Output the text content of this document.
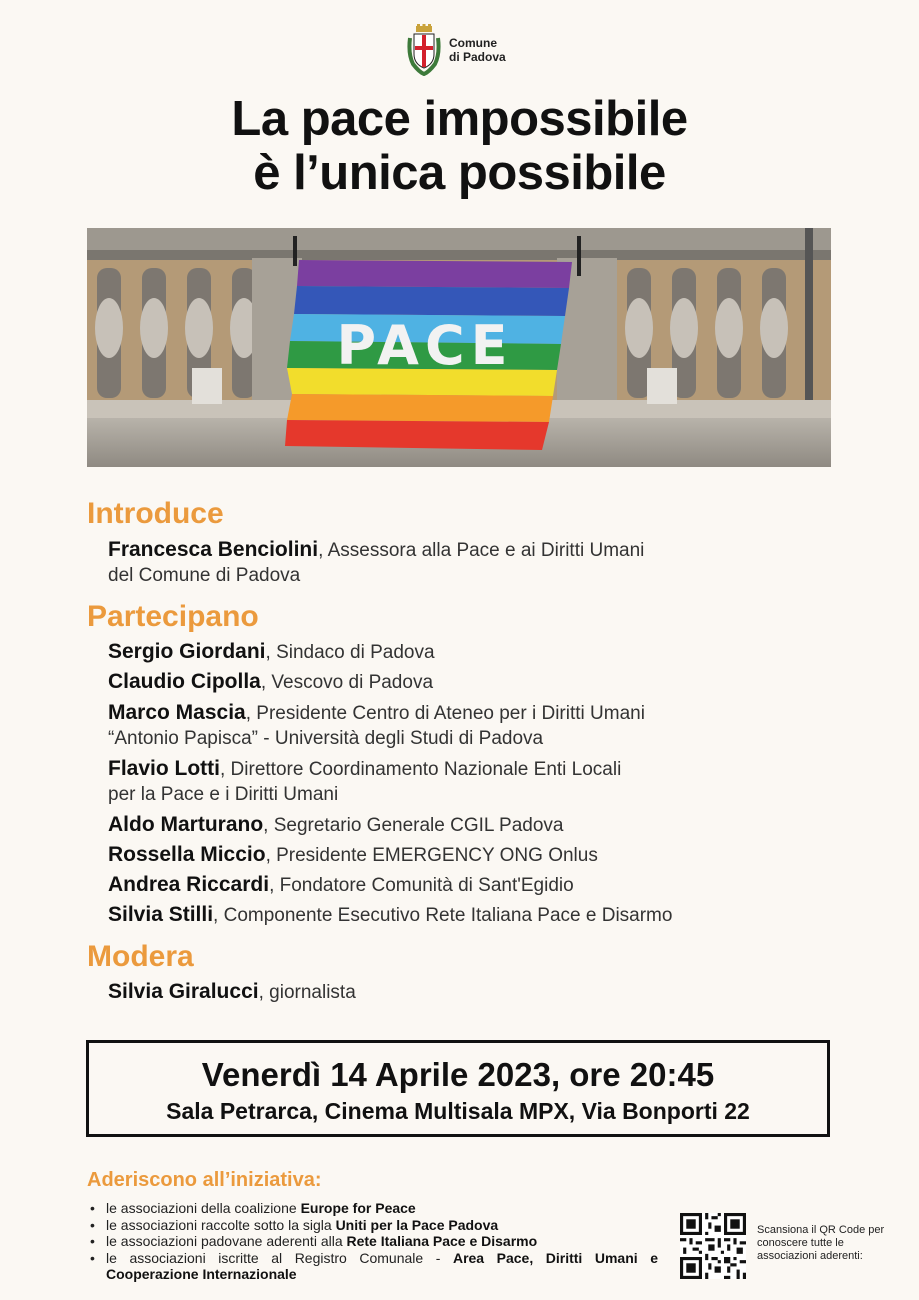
Comune
di Padova
La pace impossibile
è l’unica possibile
PACE
Introduce
Francesca Benciolini, Assessora alla Pace e ai Diritti Umani
del Comune di Padova
Partecipano
Sergio Giordani, Sindaco di Padova
Claudio Cipolla, Vescovo di Padova
Marco Mascia, Presidente Centro di Ateneo per i Diritti Umani
“Antonio Papisca” - Università degli Studi di Padova
Flavio Lotti, Direttore Coordinamento Nazionale Enti Locali
per la Pace e i Diritti Umani
Aldo Marturano, Segretario Generale CGIL Padova
Rossella Miccio, Presidente EMERGENCY ONG Onlus
Andrea Riccardi, Fondatore Comunità di Sant'Egidio
Silvia Stilli, Componente Esecutivo Rete Italiana Pace e Disarmo
Modera
Silvia Giralucci, giornalista
Venerdì 14 Aprile 2023, ore 20:45
Sala Petrarca, Cinema Multisala MPX, Via Bonporti 22
Aderiscono all’iniziativa:
• le associazioni della coalizione Europe for Peace
• le associazioni raccolte sotto la sigla Uniti per la Pace Padova
• le associazioni padovane aderenti alla Rete Italiana Pace e Disarmo
• le associazioni iscritte al Registro Comunale - Area Pace, Diritti Umani e Cooperazione Internazionale
Scansiona il QR Code per conoscere tutte le associazioni aderenti:
